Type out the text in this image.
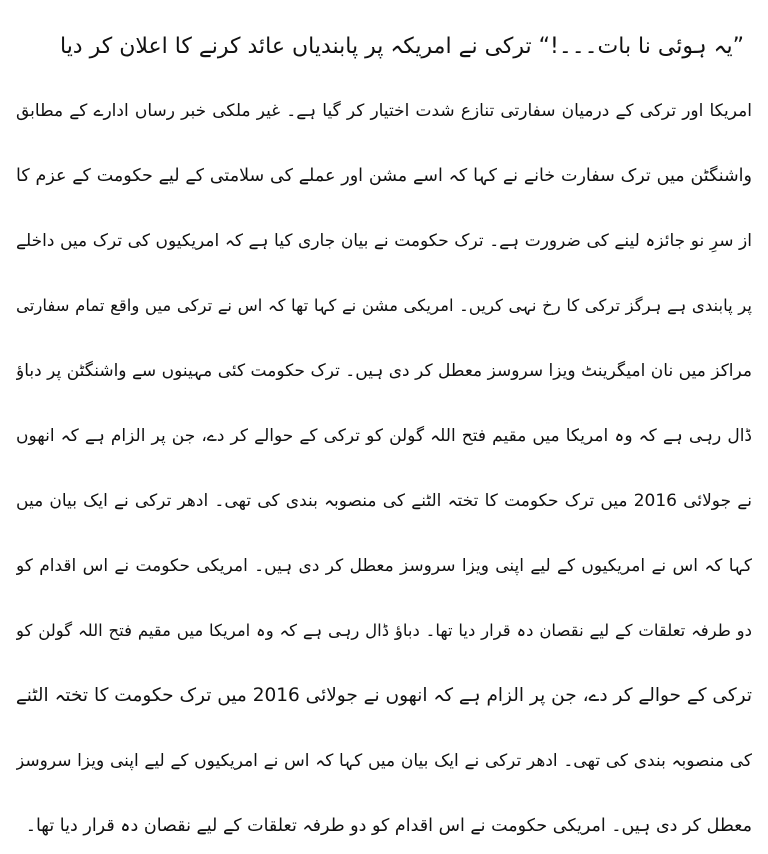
”یہ ہوئی نا بات۔۔۔!“ ترکی نے امریکہ پر پابندیاں عائد کرنے کا اعلان کر دیا
امریکا اور ترکی کے درمیان سفارتی تنازع شدت اختیار کر گیا ہے۔ غیر ملکی خبر رساں ادارے کے مطابق
واشنگٹن میں ترک سفارت خانے نے کہا کہ اسے مشن اور عملے کی سلامتی کے لیے حکومت کے عزم کا
از سرِ نو جائزہ لینے کی ضرورت ہے۔ ترک حکومت نے بیان جاری کیا ہے کہ امریکیوں کی ترک میں داخلے
پر پابندی ہے ہرگز ترکی کا رخ نہی کریں۔ امریکی مشن نے کہا تھا کہ اس نے ترکی میں واقع تمام سفارتی
مراکز میں نان امیگرینٹ ویزا سروسز معطل کر دی ہیں۔ ترک حکومت کئی مہینوں سے واشنگٹن پر دباؤ
ڈال رہی ہے کہ وہ امریکا میں مقیم فتح اللہ گولن کو ترکی کے حوالے کر دے، جن پر الزام ہے کہ انھوں
نے جولائی 2016 میں ترک حکومت کا تختہ الٹنے کی منصوبہ بندی کی تھی۔ ادھر ترکی نے ایک بیان میں
کہا کہ اس نے امریکیوں کے لیے اپنی ویزا سروسز معطل کر دی ہیں۔ امریکی حکومت نے اس اقدام کو
دو طرفہ تعلقات کے لیے نقصان دہ قرار دیا تھا۔ دباؤ ڈال رہی ہے کہ وہ امریکا میں مقیم فتح اللہ گولن کو
ترکی کے حوالے کر دے، جن پر الزام ہے کہ انھوں نے جولائی 2016 میں ترک حکومت کا تختہ الٹنے
کی منصوبہ بندی کی تھی۔ ادھر ترکی نے ایک بیان میں کہا کہ اس نے امریکیوں کے لیے اپنی ویزا سروسز
معطل کر دی ہیں۔ امریکی حکومت نے اس اقدام کو دو طرفہ تعلقات کے لیے نقصان دہ قرار دیا تھا۔
